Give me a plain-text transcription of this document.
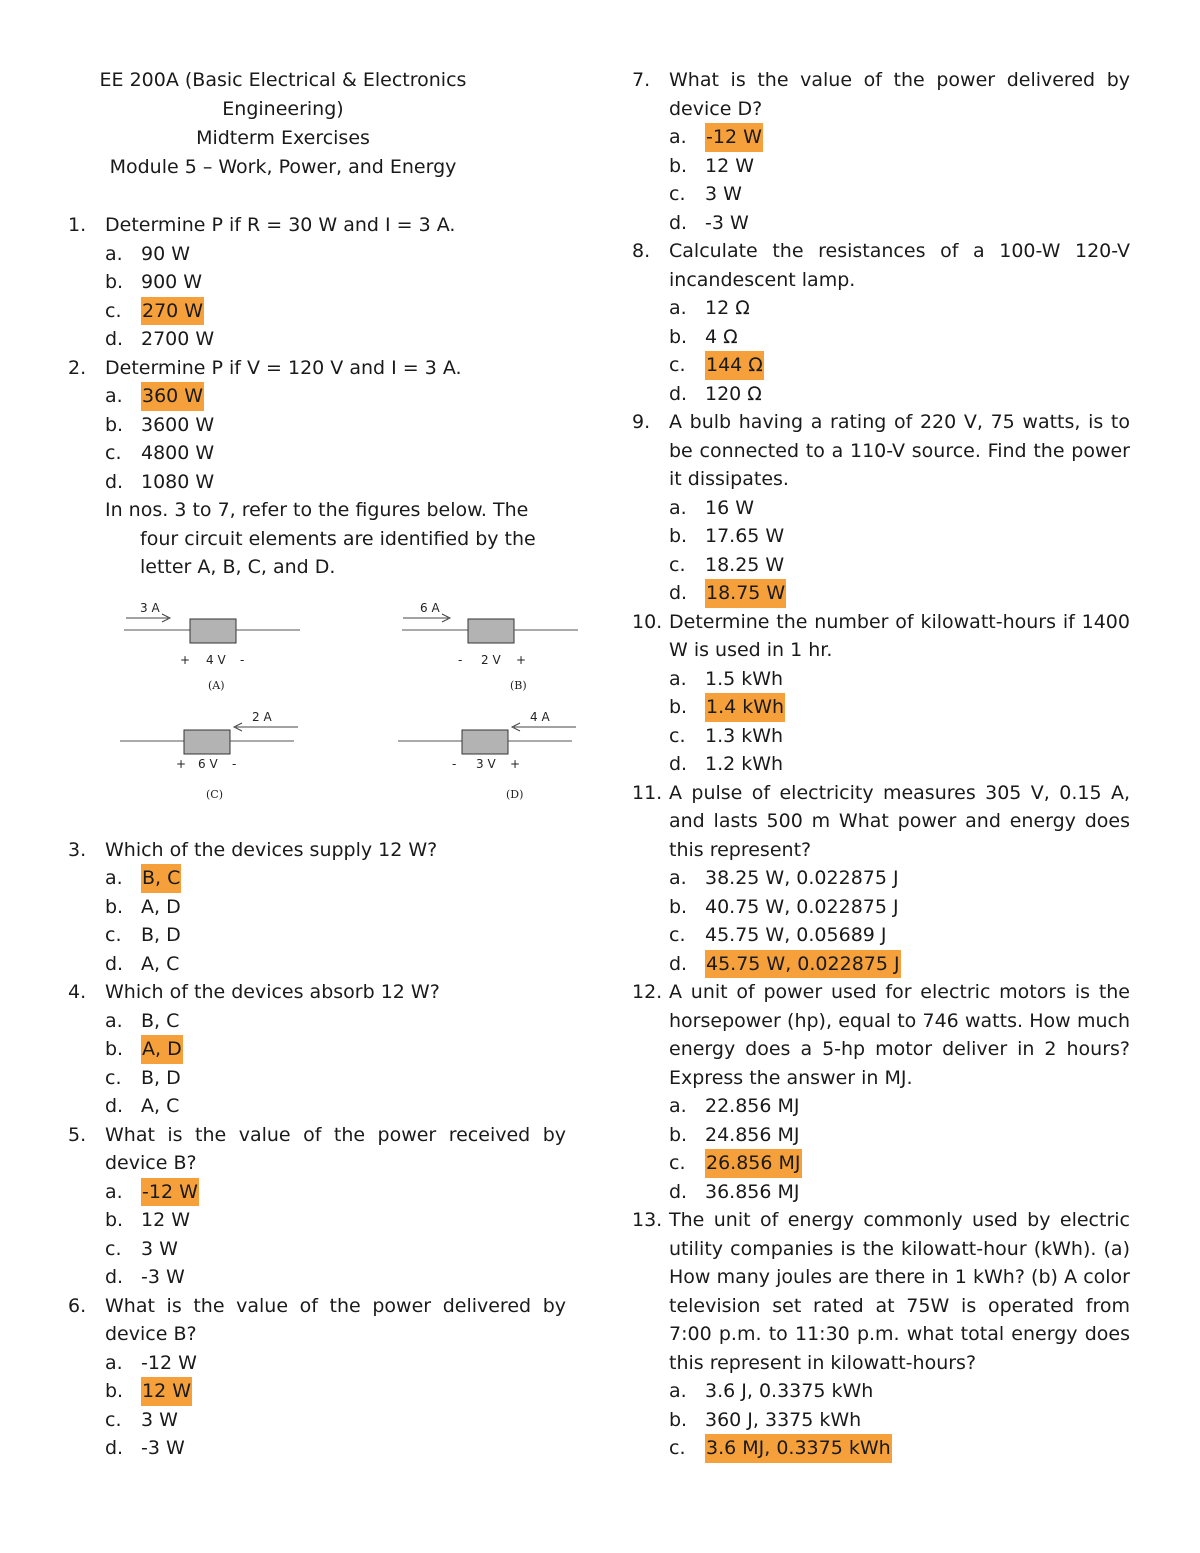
EE 200A (Basic Electrical & Electronics
Engineering)
Midterm Exercises
Module 5 – Work, Power, and Energy
1. Determine P if R = 30 W and I = 3 A.
a. 90 W
b. 900 W
c.	270 W
d. 2700 W
2. Determine P if V = 120 V and I = 3 A.
a.	360 W
b. 3600 W
c.	4800 W
d. 1080 W
In nos. 3 to 7, refer to the figures below. The
four circuit elements are identified by the
letter A, B, C, and D.
3 A
+ 4 V -
(A)
6 A
- 2 V +
(B)
2 A
+ 6 V -
(C)
4 A
- 3 V +
(D)
3. Which of the devices supply 12 W?
a.	B, C
b. A, D
c.	B, D
d. A, C
4. Which of the devices absorb 12 W?
a. B, C
b. A, D
c.	B, D
d. A, C
5. What is the value of the power received by device B?
a.	-12 W
b. 12 W
c.	3 W
d. -3 W
6. What is the value of the power delivered by device B?
a. -12 W
b. 12 W
c.	3 W
d. -3 W
7. What is the value of the power delivered by device D?
a.	-12 W
b. 12 W
c.	3 W
d. -3 W
8. Calculate the resistances of a 100-W 120-V incandescent lamp.
a. 12 Ω
b. 4 Ω
c.	144 Ω
d. 120 Ω
9. A bulb having a rating of 220 V, 75 watts, is to be connected to a 110-V source. Find the power it dissipates.
a. 16 W
b. 17.65 W
c.	18.25 W
d. 18.75 W
10. Determine the number of kilowatt-hours if 1400 W is used in 1 hr.
a. 1.5 kWh
b. 1.4 kWh
c.	1.3 kWh
d. 1.2 kWh
11. A pulse of electricity measures 305 V, 0.15 A, and lasts 500 m What power and energy does this represent?
a. 38.25 W, 0.022875 J
b. 40.75 W, 0.022875 J
c.	45.75 W, 0.05689 J
d. 45.75 W, 0.022875 J
12. A unit of power used for electric motors is the horsepower (hp), equal to 746 watts. How much energy does a 5-hp motor deliver in 2 hours? Express the answer in MJ.
a. 22.856 MJ
b. 24.856 MJ
c.	26.856 MJ
d. 36.856 MJ
13. The unit of energy commonly used by electric utility companies is the kilowatt-hour (kWh). (a) How many joules are there in 1 kWh? (b) A color television set rated at 75W is operated from 7:00 p.m. to 11:30 p.m. what total energy does this represent in kilowatt-hours?
a. 3.6 J, 0.3375 kWh
b. 360 J, 3375 kWh
c.	3.6 MJ, 0.3375 kWh
